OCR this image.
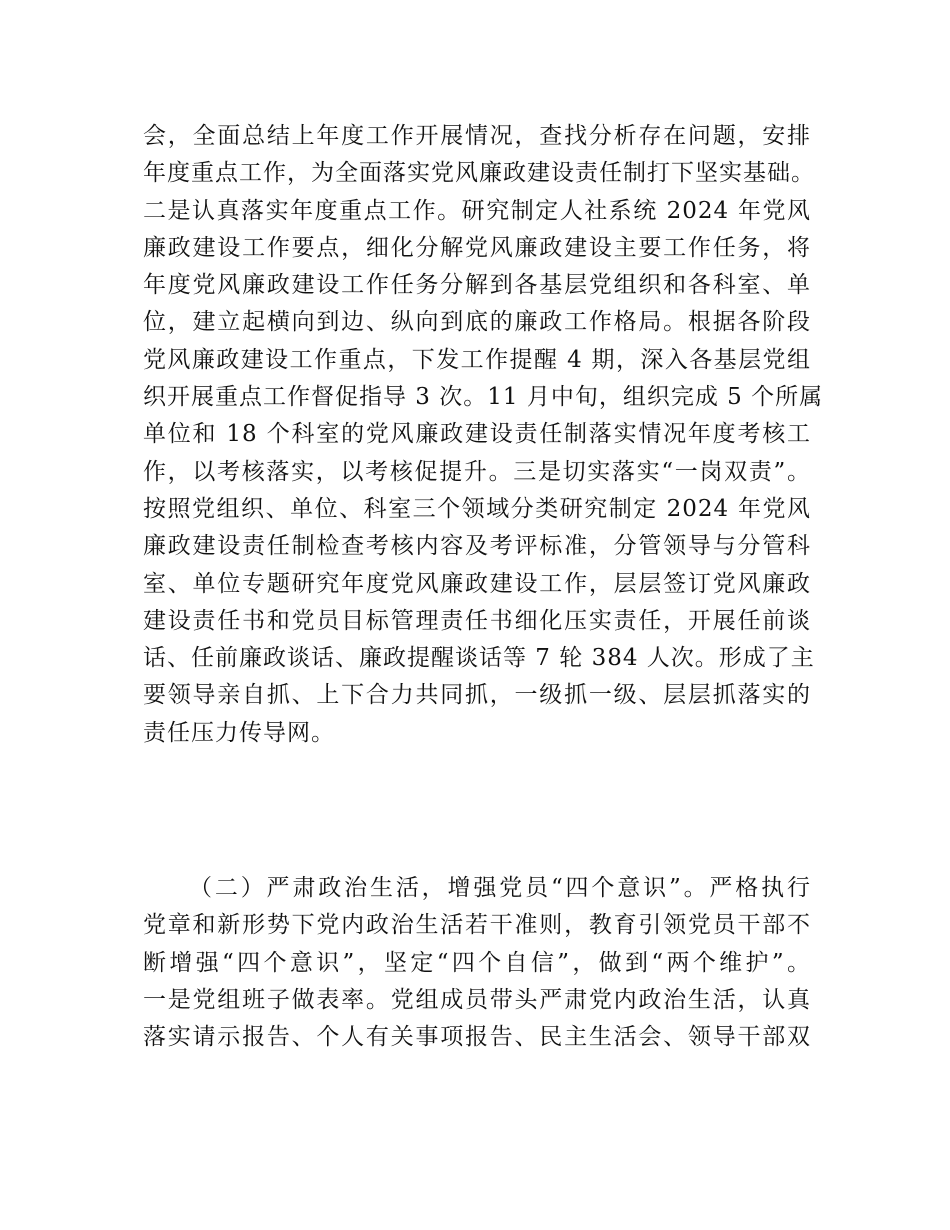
会，全面总结上年度工作开展情况，查找分析存在问题，安排
年度重点工作，为全面落实党风廉政建设责任制打下坚实基础。
二是认真落实年度重点工作。研究制定人社系统 2024 年党风
廉政建设工作要点，细化分解党风廉政建设主要工作任务，将
年度党风廉政建设工作任务分解到各基层党组织和各科室、单
位，建立起横向到边、纵向到底的廉政工作格局。根据各阶段
党风廉政建设工作重点，下发工作提醒 4 期，深入各基层党组
织开展重点工作督促指导 3 次。11 月中旬，组织完成 5 个所属
单位和 18 个科室的党风廉政建设责任制落实情况年度考核工
作，以考核落实，以考核促提升。三是切实落实“一岗双责”。
按照党组织、单位、科室三个领域分类研究制定 2024 年党风
廉政建设责任制检查考核内容及考评标准，分管领导与分管科
室、单位专题研究年度党风廉政建设工作，层层签订党风廉政
建设责任书和党员目标管理责任书细化压实责任，开展任前谈
话、任前廉政谈话、廉政提醒谈话等 7 轮 384 人次。形成了主
要领导亲自抓、上下合力共同抓，一级抓一级、层层抓落实的
责任压力传导网。
（二）严肃政治生活，增强党员“四个意识”。严格执行
党章和新形势下党内政治生活若干准则，教育引领党员干部不
断增强“四个意识”，坚定“四个自信”，做到“两个维护”。
一是党组班子做表率。党组成员带头严肃党内政治生活，认真
落实请示报告、个人有关事项报告、民主生活会、领导干部双
